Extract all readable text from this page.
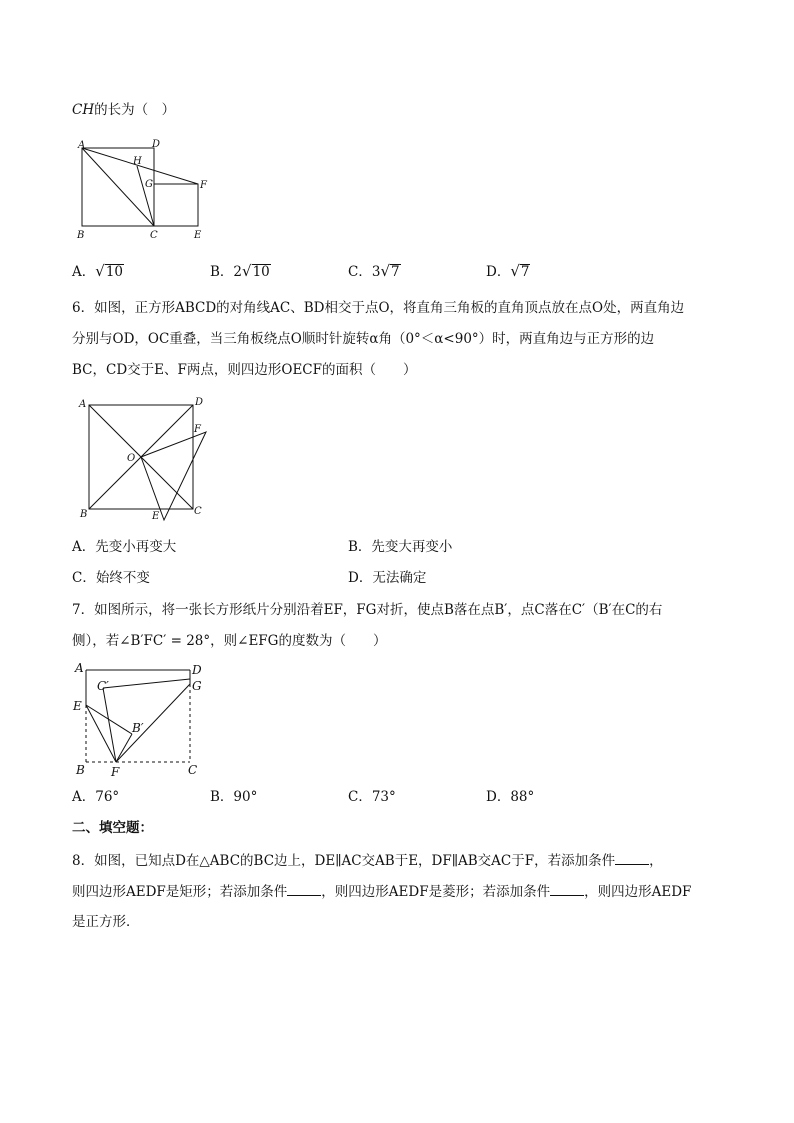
CH的长为（　）
A	D
H
G	F
B	C	E
A．√10	B．2√10	C．3√7	D．√7
6．如图，正方形ABCD的对角线AC、BD相交于点O，将直角三角板的直角顶点放在点O处，两直角边
分别与OD，OC重叠，当三角板绕点O顺时针旋转α角（0°＜α<90°）时，两直角边与正方形的边
BC，CD交于E、F两点，则四边形OECF的面积（　　）
A	D
F
O
B	E	C
A．先变小再变大	B．先变大再变小
C．始终不变	D．无法确定
7．如图所示，将一张长方形纸片分别沿着EF，FG对折，使点B落在点B′，点C落在C′（B′在C的右
侧），若∠B′FC′ = 28°，则∠EFG的度数为（　　）
A	D
C′	G
E
B′
B F	C
A．76°	B．90°	C．73°	D．88°
二、填空题：
8．如图，已知点D在△ABC的BC边上，DE∥AC交AB于E，DF∥AB交AC于F，若添加条件	，
则四边形AEDF是矩形；若添加条件	，则四边形AEDF是菱形；若添加条件	，则四边形AEDF
是正方形．
